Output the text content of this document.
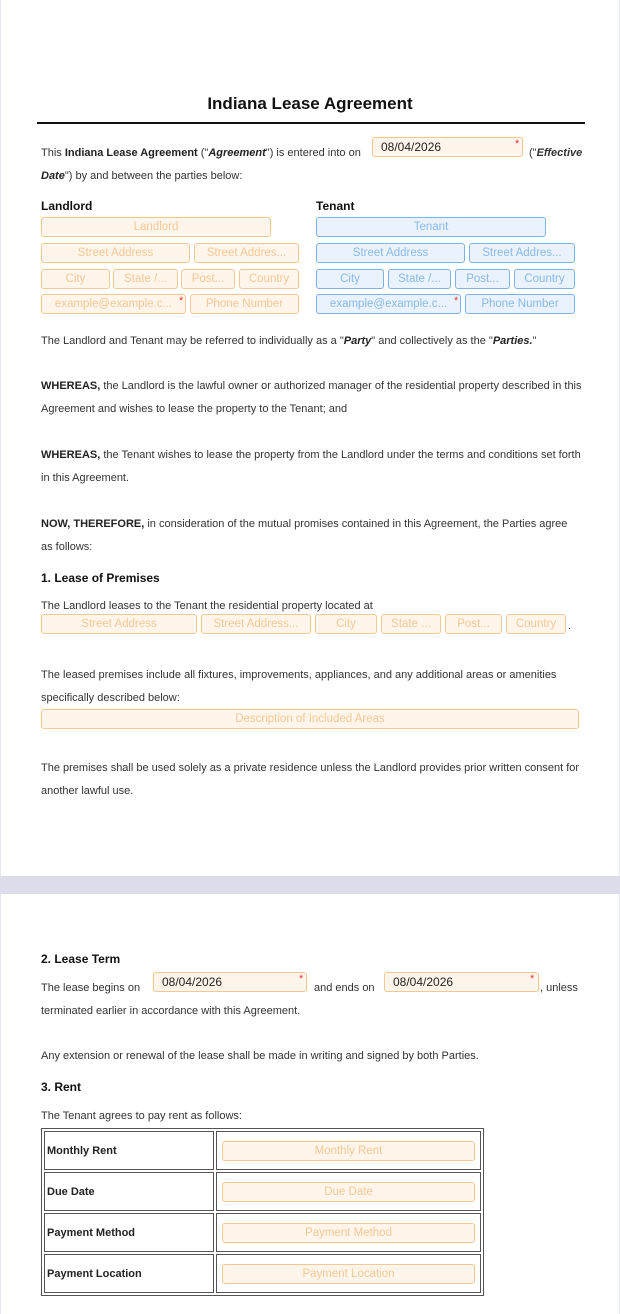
Indiana Lease Agreement
This Indiana Lease Agreement ("Agreement") is entered into on	08/04/2026	*
("Effective
Date") by and between the parties below:
Landlord
Landlord
Street Address	Street Addres...
City	State /...	Post...	Country
example@example.c... *	Phone Number
Tenant
Tenant
Street Address	Street Addres...
City	State /...	Post...	Country
example@example.c... *	Phone Number
The Landlord and Tenant may be referred to individually as a "Party" and collectively as the "Parties."
WHEREAS, the Landlord is the lawful owner or authorized manager of the residential property described in this Agreement and wishes to lease the property to the Tenant; and
WHEREAS, the Tenant wishes to lease the property from the Landlord under the terms and conditions set forth in this Agreement.
NOW, THEREFORE, in consideration of the mutual promises contained in this Agreement, the Parties agree as follows:
1. Lease of Premises
The Landlord leases to the Tenant the residential property located at
Street Address	Street Address...	City	State ...	Post...	Country	.
The leased premises include all fixtures, improvements, appliances, and any additional areas or amenities specifically described below:
Description of Included Areas
The premises shall be used solely as a private residence unless the Landlord provides prior written consent for another lawful use.
2. Lease Term
The lease begins on	08/04/2026	*
and ends on	08/04/2026	*
, unless
terminated earlier in accordance with this Agreement.
Any extension or renewal of the lease shall be made in writing and signed by both Parties.
3. Rent
The Tenant agrees to pay rent as follows:
Monthly Rent	Monthly Rent

Due Date	Due Date

Payment Method	Payment Method

Payment Location	Payment Location
